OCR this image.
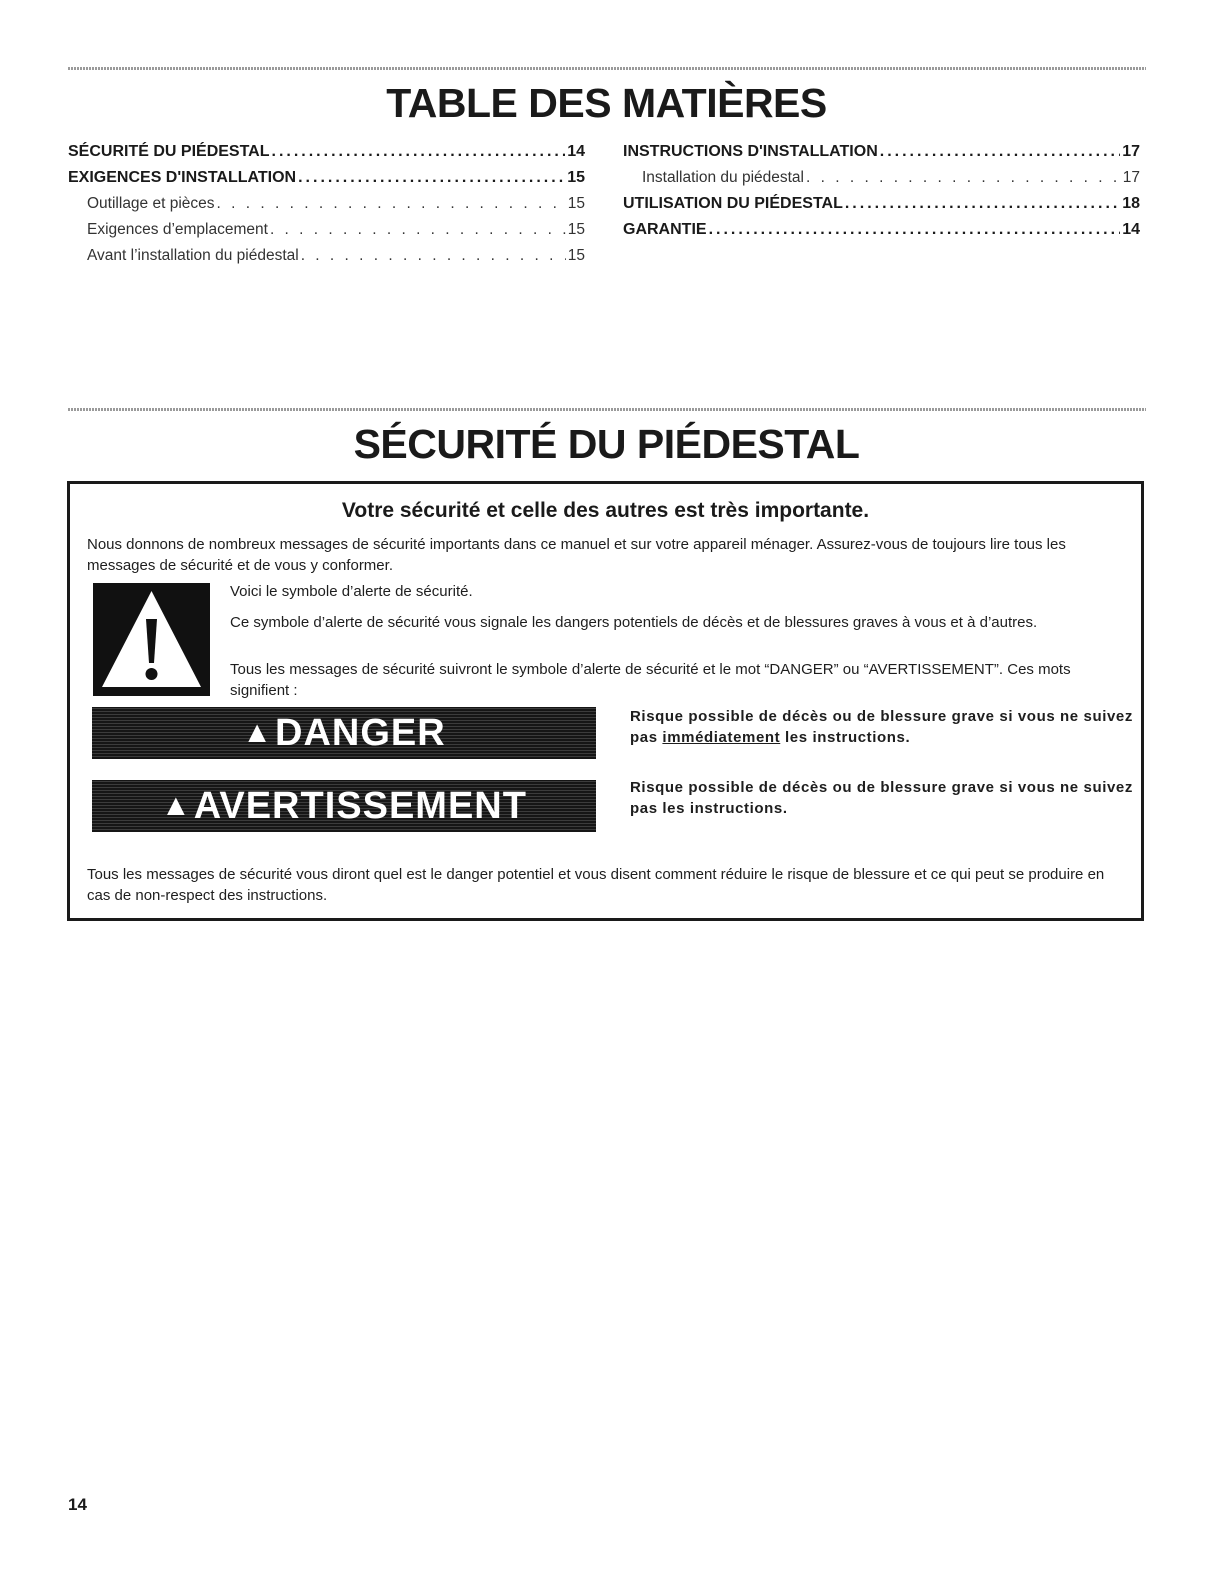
TABLE DES MATIÈRES
SÉCURITÉ DU PIÉDESTAL .....	14
EXIGENCES D'INSTALLATION .....	15
Outillage et pièces . . .	15
Exigences d’emplacement . . .	15
Avant l’installation du piédestal . . .	15
INSTRUCTIONS D'INSTALLATION .....	17
Installation du piédestal . . .	17
UTILISATION DU PIÉDESTAL .....	18
GARANTIE .....	14
SÉCURITÉ DU PIÉDESTAL
Votre sécurité et celle des autres est très importante.

Nous donnons de nombreux messages de sécurité importants dans ce manuel et sur votre appareil ménager. Assurez-vous de toujours lire tous les messages de sécurité et de vous y conformer.

Voici le symbole d’alerte de sécurité.

Ce symbole d’alerte de sécurité vous signale les dangers potentiels de décès et de blessures graves à vous et à d’autres.

Tous les messages de sécurité suivront le symbole d’alerte de sécurité et le mot “DANGER” ou “AVERTISSEMENT”. Ces mots signifient :

▲ DANGER	Risque possible de décès ou de blessure grave si vous ne suivez pas immédiatement les instructions.

▲ AVERTISSEMENT	Risque possible de décès ou de blessure grave si vous ne suivez pas les instructions.

Tous les messages de sécurité vous diront quel est le danger potentiel et vous disent comment réduire le risque de blessure et ce qui peut se produire en cas de non-respect des instructions.

14
